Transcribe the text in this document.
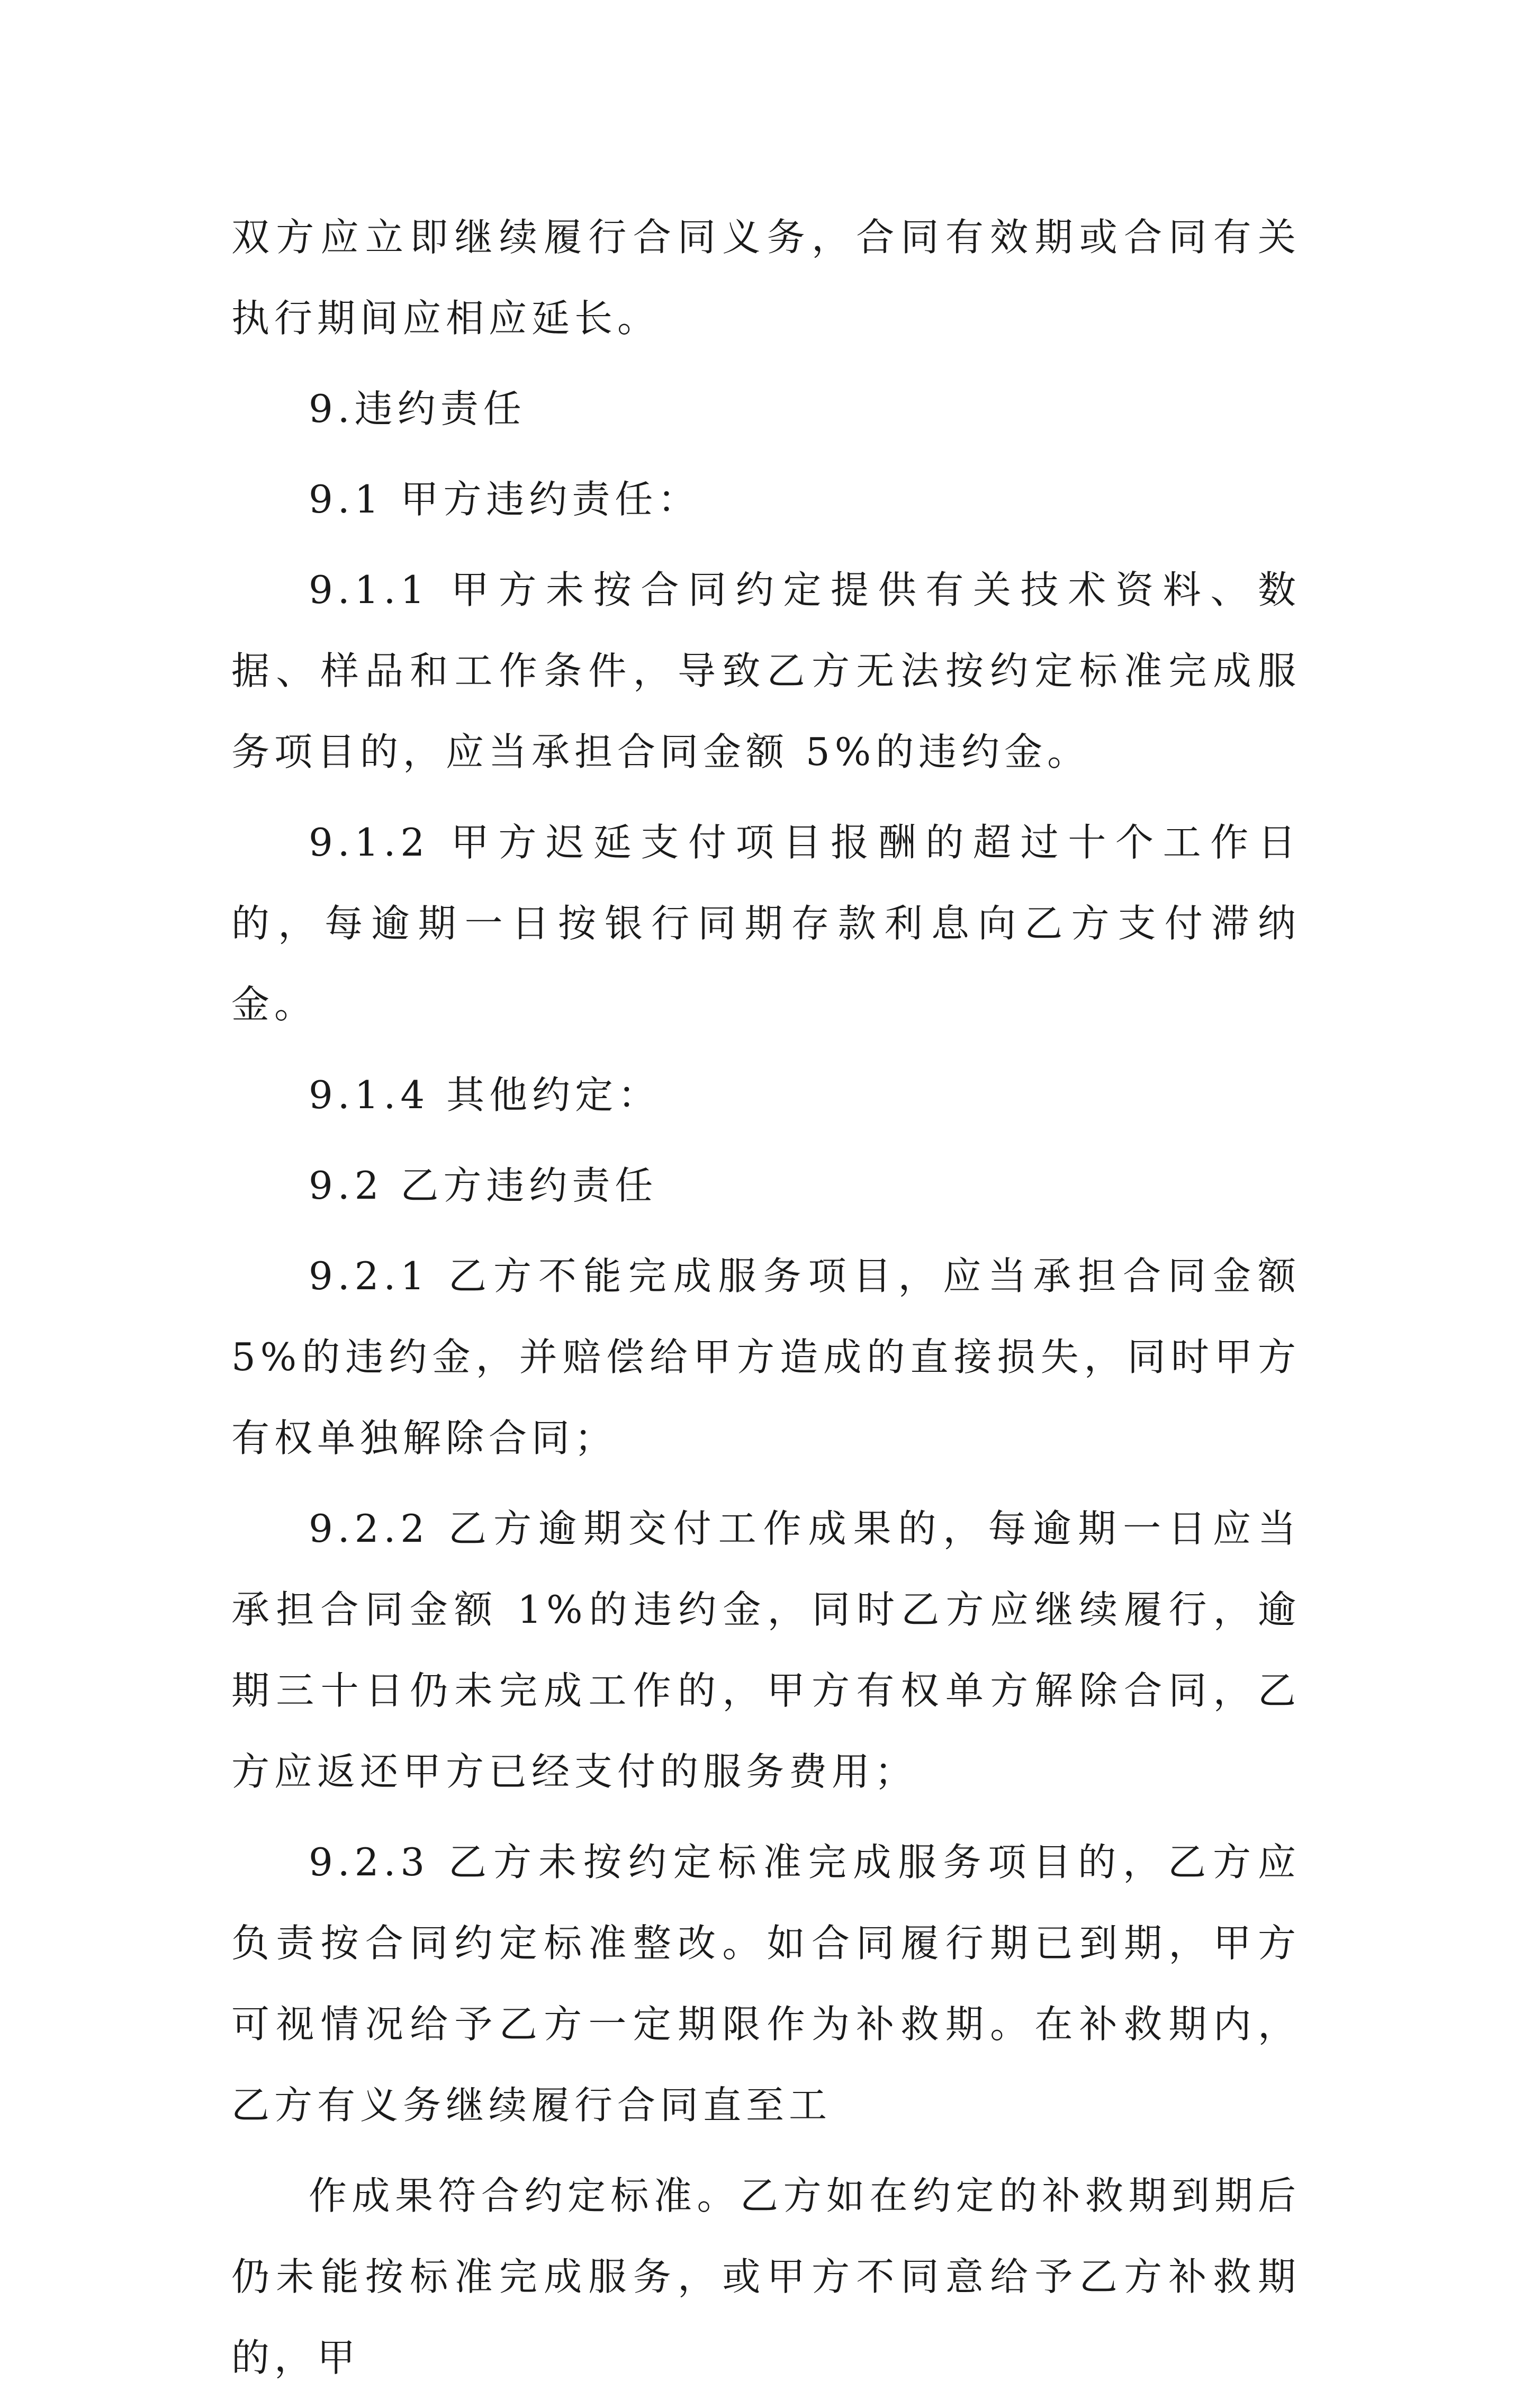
双方应立即继续履行合同义务，合同有效期或合同有关执行期间应相应延长。

9.违约责任

9.1 甲方违约责任：

9.1.1 甲方未按合同约定提供有关技术资料、数据、样品和工作条件，导致乙方无法按约定标准完成服务项目的，应当承担合同金额 5%的违约金。

9.1.2 甲方迟延支付项目报酬的超过十个工作日的，每逾期一日按银行同期存款利息向乙方支付滞纳金。

9.1.4 其他约定：

9.2 乙方违约责任

9.2.1 乙方不能完成服务项目，应当承担合同金额 5%的违约金，并赔偿给甲方造成的直接损失，同时甲方有权单独解除合同；

9.2.2 乙方逾期交付工作成果的，每逾期一日应当承担合同金额 1%的违约金，同时乙方应继续履行，逾期三十日仍未完成工作的，甲方有权单方解除合同，乙方应返还甲方已经支付的服务费用；

9.2.3 乙方未按约定标准完成服务项目的，乙方应负责按合同约定标准整改。如合同履行期已到期，甲方可视情况给予乙方一定期限作为补救期。在补救期内，乙方有义务继续履行合同直至工

作成果符合约定标准。乙方如在约定的补救期到期后仍未能按标准完成服务，或甲方不同意给予乙方补救期的，甲
